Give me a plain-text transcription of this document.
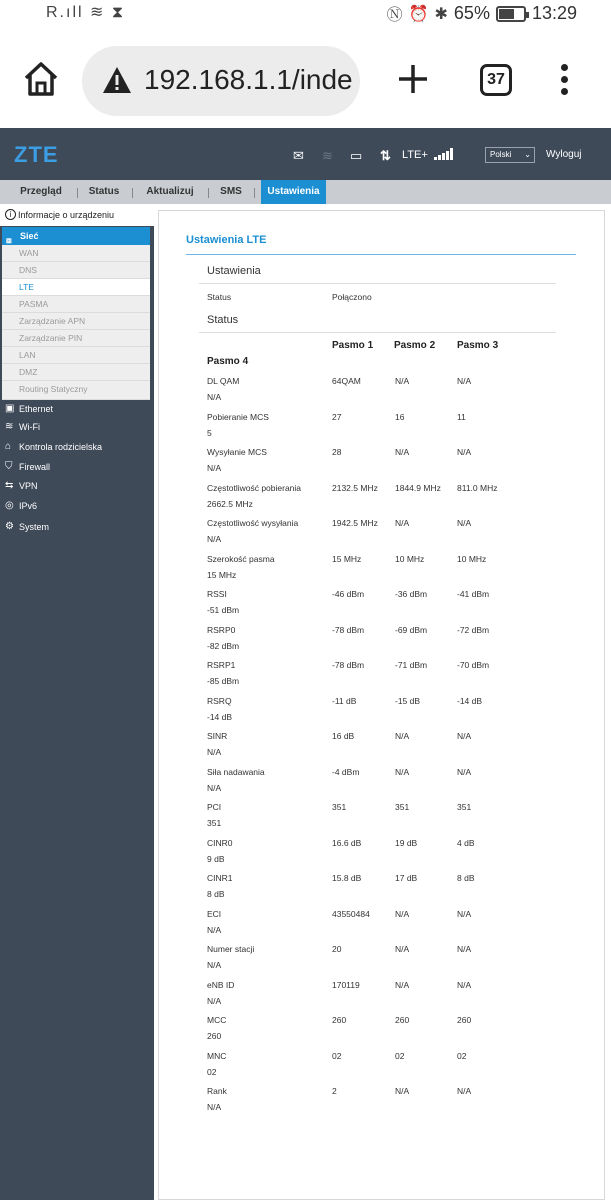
R.ıll ≋ ⧗	Ⓝ ⏰ ✱ 65% 13:29
192.168.1.1/inde	37
ZTE	✉ ≋ ▭ ⇅ LTE+	Polski ⌄ Wyloguj
Przegląd	Status	Aktualizuj	SMS	Ustawienia
i Informacje o urządzeniu
⧈ Sieć
WAN
DNS
LTE
PASMA
Zarządzanie APN
Zarządzanie PIN
LAN
DMZ
Routing Statyczny
▣ Ethernet
≋ Wi-Fi
⌂ Kontrola rodzicielska
⛉ Firewall
⇆ VPN
◎ IPv6
⚙ System
Ustawienia LTE
Ustawienia
Status	Połączono
Status
Pasmo 1 Pasmo 2 Pasmo 3
Pasmo 4
DL QAM	64QAM	N/A	N/A
N/A
Pobieranie MCS	27	16	11
5
Wysyłanie MCS	28	N/A	N/A
N/A
Częstotliwość pobierania	2132.5 MHz 1844.9 MHz 811.0 MHz
2662.5 MHz
Częstotliwość wysyłania	1942.5 MHz N/A	N/A
N/A
Szerokość pasma	15 MHz	10 MHz	10 MHz
15 MHz
RSSI	-46 dBm	-36 dBm	-41 dBm
-51 dBm
RSRP0	-78 dBm	-69 dBm	-72 dBm
-82 dBm
RSRP1	-78 dBm	-71 dBm	-70 dBm
-85 dBm
RSRQ	-11 dB	-15 dB	-14 dB
-14 dB
SINR	16 dB	N/A	N/A
N/A
Siła nadawania	-4 dBm	N/A	N/A
N/A
PCI	351	351	351
351
CINR0	16.6 dB	19 dB	4 dB
9 dB
CINR1	15.8 dB	17 dB	8 dB
8 dB
ECI	43550484	N/A	N/A
N/A
Numer stacji	20	N/A	N/A
N/A
eNB ID	170119	N/A	N/A
N/A
MCC	260	260	260
260
MNC	02	02	02
02
Rank	2	N/A	N/A
N/A
